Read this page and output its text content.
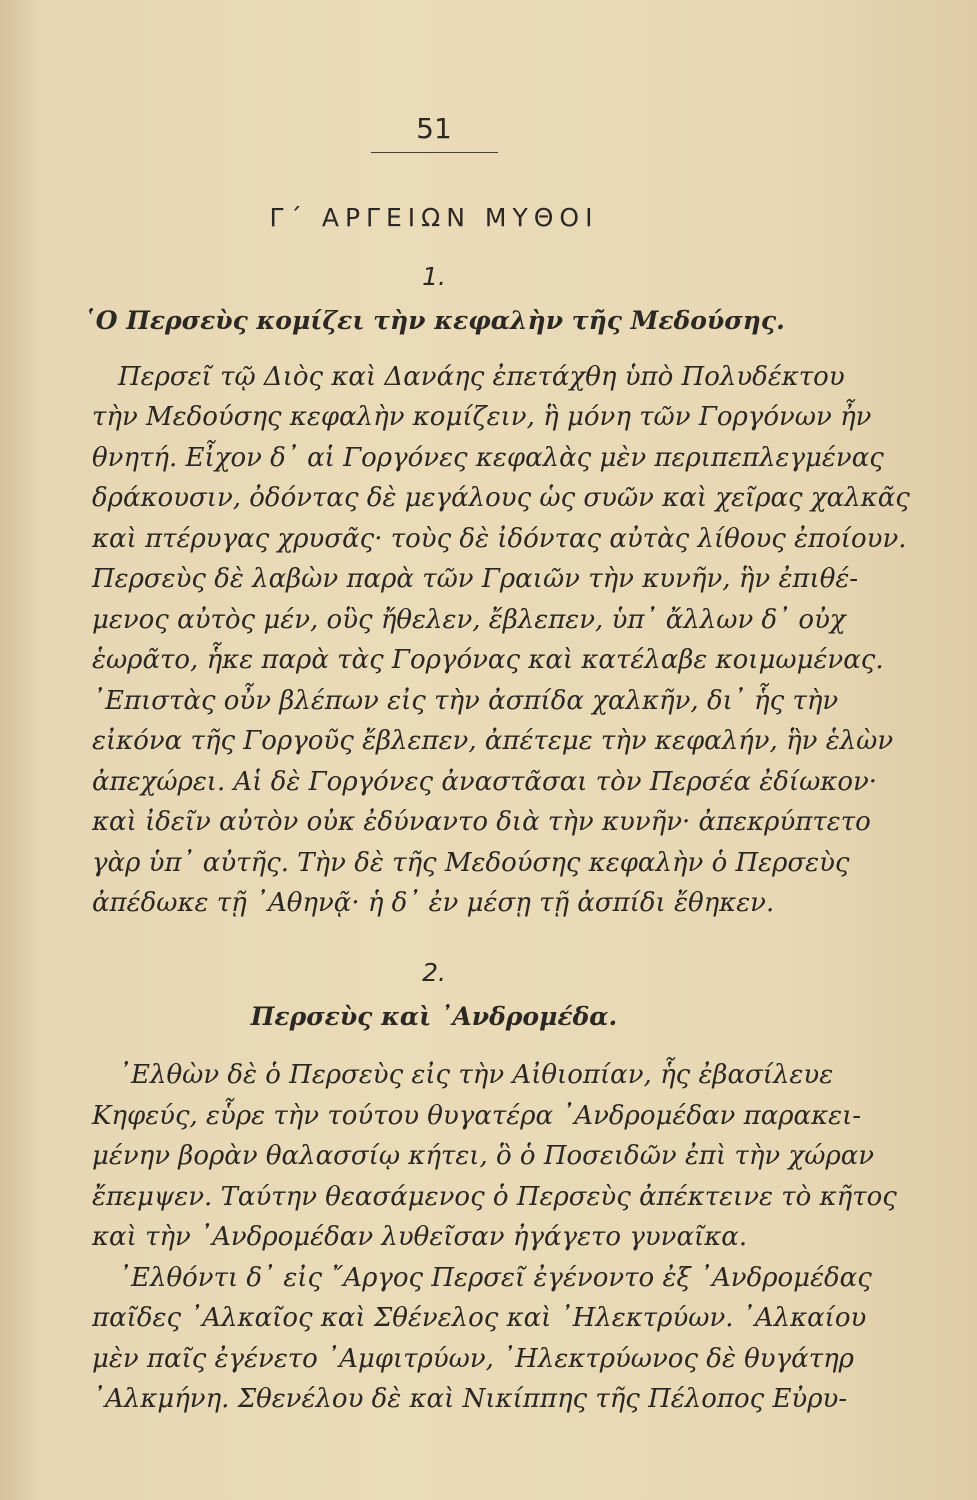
51
Γ΄ ΑΡΓΕΙΩΝ ΜΥΘΟΙ
1.
῾Ο Περσεὺς κομίζει τὴν κεφαλὴν τῆς Μεδούσης.
Περσεῖ τῷ Διὸς καὶ Δανάης ἐπετάχθη ὑπὸ Πολυδέκτου
τὴν Μεδούσης κεφαλὴν κομίζειν, ἣ μόνη τῶν Γοργόνων ἦν
θνητή. Εἶχον δ᾿ αἱ Γοργόνες κεφαλὰς μὲν περιπεπλεγμένας
δράκουσιν, ὀδόντας δὲ μεγάλους ὡς συῶν καὶ χεῖρας χαλκᾶς
καὶ πτέρυγας χρυσᾶς· τοὺς δὲ ἰδόντας αὐτὰς λίθους ἐποίουν.
Περσεὺς δὲ λαβὼν παρὰ τῶν Γραιῶν τὴν κυνῆν, ἣν ἐπιθέ-
μενος αὐτὸς μέν, οὓς ἤθελεν, ἔβλεπεν, ὑπ᾿ ἄλλων δ᾿ οὐχ
ἑωρᾶτο, ἧκε παρὰ τὰς Γοργόνας καὶ κατέλαβε κοιμωμένας.
᾿Επιστὰς οὖν βλέπων εἰς τὴν ἀσπίδα χαλκῆν, δι᾿ ἧς τὴν
εἰκόνα τῆς Γοργοῦς ἔβλεπεν, ἀπέτεμε τὴν κεφαλήν, ἣν ἑλὼν
ἀπεχώρει. Αἱ δὲ Γοργόνες ἀναστᾶσαι τὸν Περσέα ἐδίωκον·
καὶ ἰδεῖν αὐτὸν οὐκ ἐδύναντο διὰ τὴν κυνῆν· ἀπεκρύπτετο
γὰρ ὑπ᾿ αὐτῆς. Τὴν δὲ τῆς Μεδούσης κεφαλὴν ὁ Περσεὺς
ἀπέδωκε τῇ ᾿Αθηνᾷ· ἡ δ᾿ ἐν μέσῃ τῇ ἀσπίδι ἔθηκεν.
2.
Περσεὺς καὶ ᾿Ανδρομέδα.
᾿Ελθὼν δὲ ὁ Περσεὺς εἰς τὴν Αἰθιοπίαν, ἧς ἐβασίλευε
Κηφεύς, εὗρε τὴν τούτου θυγατέρα ᾿Ανδρομέδαν παρακει-
μένην βορὰν θαλασσίῳ κήτει, ὃ ὁ Ποσειδῶν ἐπὶ τὴν χώραν
ἔπεμψεν. Ταύτην θεασάμενος ὁ Περσεὺς ἀπέκτεινε τὸ κῆτος
καὶ τὴν ᾿Ανδρομέδαν λυθεῖσαν ἠγάγετο γυναῖκα.
᾿Ελθόντι δ᾿ εἰς ῎Αργος Περσεῖ ἐγένοντο ἐξ ᾿Ανδρομέδας
παῖδες ᾿Αλκαῖος καὶ Σθένελος καὶ ᾿Ηλεκτρύων. ᾿Αλκαίου
μὲν παῖς ἐγένετο ᾿Αμφιτρύων, ᾿Ηλεκτρύωνος δὲ θυγάτηρ
᾿Αλκμήνη. Σθενέλου δὲ καὶ Νικίππης τῆς Πέλοπος Εὐρυ-
